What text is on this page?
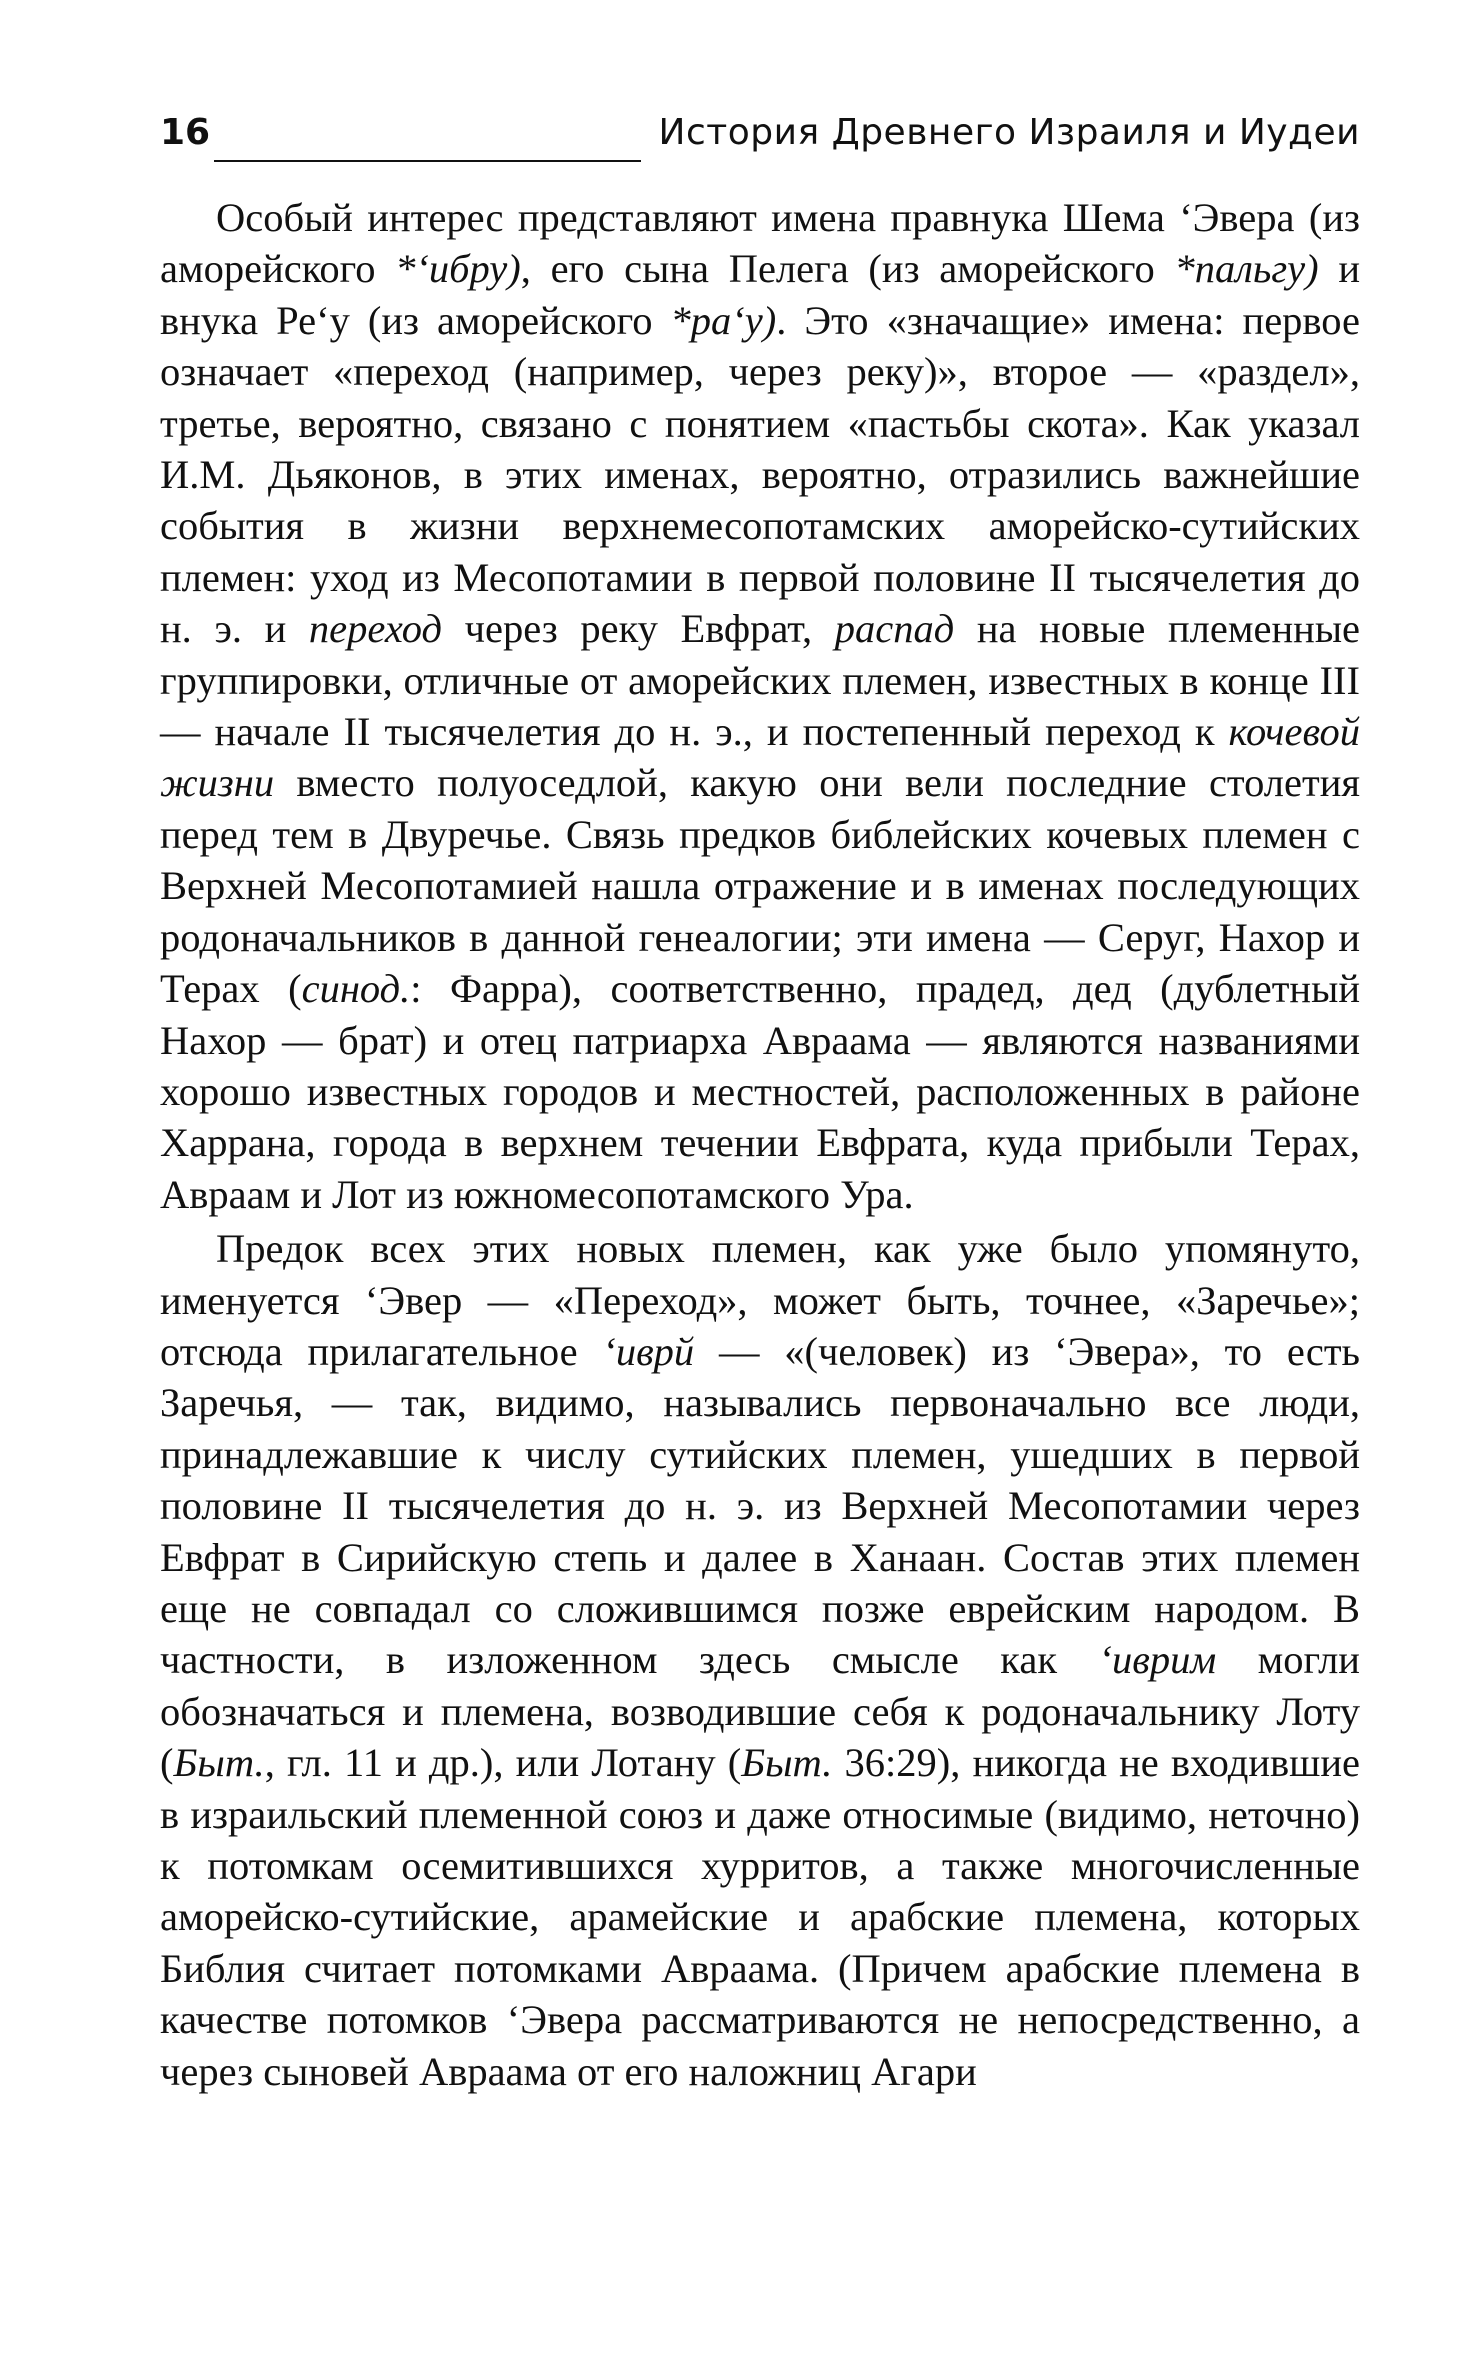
16	История Древнего Израиля и Иудеи

Особый интерес представляют имена правнука Шема ‘Эвера (из аморейского *‘ибру), его сына Пелега (из аморейского *пальгу) и внука Ре‘у (из аморейского *ра‘у). Это «значащие» имена: первое означает «переход (например, через реку)», второе — «раздел», третье, вероятно, связано с понятием «пастьбы скота». Как указал И.М. Дьяконов, в этих именах, вероятно, отразились важнейшие события в жизни верхнемесопотамских аморейско-сутийских племен: уход из Месопотамии в первой половине II тысячелетия до н. э. и переход через реку Евфрат, распад на новые племенные группировки, отличные от аморейских племен, известных в конце III — начале II тысячелетия до н. э., и постепенный переход к кочевой жизни вместо полуоседлой, какую они вели последние столетия перед тем в Двуречье. Связь предков библейских кочевых племен с Верхней Месопотамией нашла отражение и в именах последующих родоначальников в данной генеалогии; эти имена — Серуг, Нахор и Терах (синод.: Фарра), соответственно, прадед, дед (дублетный Нахор — брат) и отец патриарха Авраама — являются названиями хорошо известных городов и местностей, расположенных в районе Харрана, города в верхнем течении Евфрата, куда прибыли Терах, Авраам и Лот из южномесопотамского Ура.

Предок всех этих новых племен, как уже было упомянуто, именуется ‘Эвер — «Переход», может быть, точнее, «Заречье»; отсюда прилагательное ‘иврй — «(человек) из ‘Эвера», то есть Заречья, — так, видимо, назывались первоначально все люди, принадлежавшие к числу сутийских племен, ушедших в первой половине II тысячелетия до н. э. из Верхней Месопотамии через Евфрат в Сирийскую степь и далее в Ханаан. Состав этих племен еще не совпадал со сложившимся позже еврейским народом. В частности, в изложенном здесь смысле как ‘иврим могли обозначаться и племена, возводившие себя к родоначальнику Лоту (Быт., гл. 11 и др.), или Лотану (Быт. 36:29), никогда не входившие в израильский племенной союз и даже относимые (видимо, неточно) к потомкам осемитившихся хурритов, а также многочисленные аморейско-сутийские, арамейские и арабские племена, которых Библия считает потомками Авраама. (Причем арабские племена в качестве потомков ‘Эвера рассматриваются не непосредственно, а через сыновей Авраама от его наложниц Агари
